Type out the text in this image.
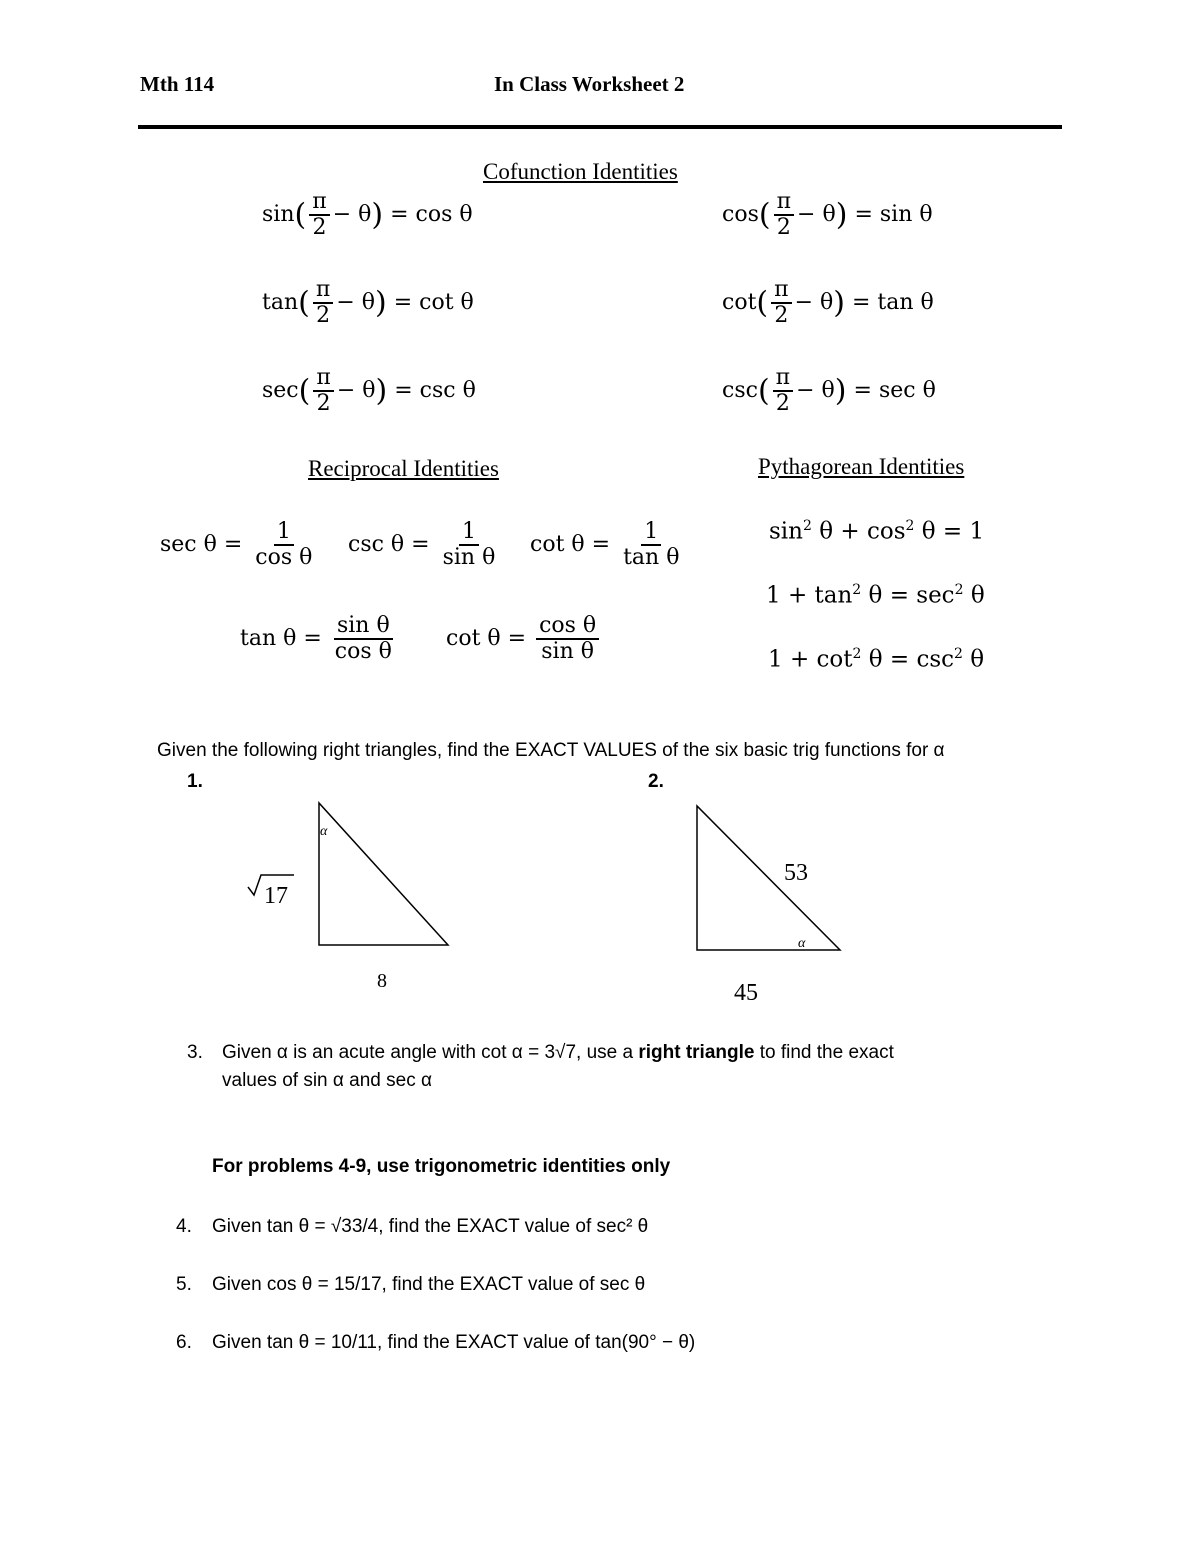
Mth 114	In Class Worksheet 2
Cofunction Identities
$\sin( \frac{\pi}{2} - \theta) = \cos \theta$	$\cos( \frac{\pi}{2} - \theta) = \sin \theta$
$\tan( \frac{\pi}{2} - \theta) = \cot \theta$	$\cot( \frac{\pi}{2} - \theta) = \tan \theta$
$\sec( \frac{\pi}{2} - \theta) = \csc \theta$	$\csc( \frac{\pi}{2} - \theta) = \sec \theta$
Reciprocal Identities
$\sec \theta = \frac{1}{\text{cos θ}}$ $\csc \theta = \frac{1}{\text{sin θ}}$ $\cot \theta = \frac{1}{\text{tan θ}}$
$\tan \theta = \frac{\text{sin θ}}{\text{cos θ}}$ $\cot \theta = \frac{\text{cos θ}}{\text{sin θ}}$
Pythagorean Identities
$\sin^2 \theta + \cos^2 \theta = 1$
$1 + \tan^2 \theta = \sec^2 \theta$
$1 + \cot^2 \theta = \csc^2 \theta$
Given the following right triangles, find the EXACT VALUES of the six basic trig functions for α
1.	2.
α
17
8
α
53
45
3. Given α is an acute angle with cot α = 3√7, use a right triangle to find the exact
values of sin α and sec α
For problems 4-9, use trigonometric identities only
4. Given tan θ = √33/4, find the EXACT value of sec² θ
5. Given cos θ = 15/17, find the EXACT value of sec θ
6. Given tan θ = 10/11, find the EXACT value of tan(90° − θ)
